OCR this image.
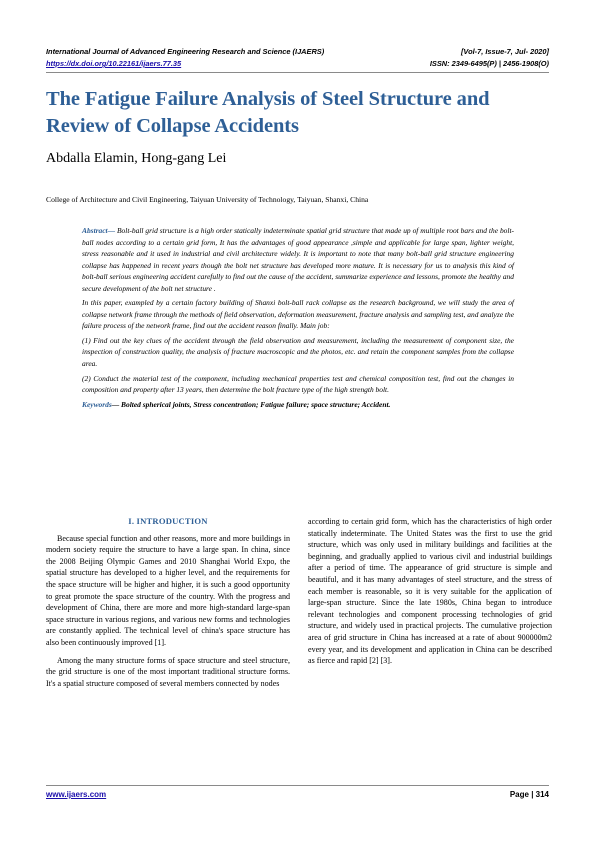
International Journal of Advanced Engineering Research and Science (IJAERS)	[Vol-7, Issue-7, Jul- 2020]
https://dx.doi.org/10.22161/ijaers.77.35	ISSN: 2349-6495(P) | 2456-1908(O)
The Fatigue Failure Analysis of Steel Structure and Review of Collapse Accidents
Abdalla Elamin, Hong-gang Lei
College of Architecture and Civil Engineering, Taiyuan University of Technology, Taiyuan, Shanxi, China

Abstract— Bolt-ball grid structure is a high order statically indeterminate spatial grid structure that made up of multiple root bars and the bolt-ball nodes according to a certain grid form, It has the advantages of good appearance ,simple and applicable for large span, lighter weight, stress reasonable and it used in industrial and civil architecture widely. It is important to note that many bolt-ball grid structure engineering collapse has happened in recent years though the bolt net structure has developed more mature. It is necessary for us to analysis this kind of bolt-ball serious engineering accident carefully to find out the cause of the accident, summarize experience and lessons, promote the healthy and secure development of the bolt net structure .

In this paper, exampled by a certain factory building of Shanxi bolt-ball rack collapse as the research background, we will study the area of collapse network frame through the methods of field observation, deformation measurement, fracture analysis and sampling test, and analyze the failure process of the network frame, find out the accident reason finally. Main job:

(1) Find out the key clues of the accident through the field observation and measurement, including the measurement of component size, the inspection of construction quality, the analysis of fracture macroscopic and the photos, etc. and retain the component samples from the collapse area.

(2) Conduct the material test of the component, including mechanical properties test and chemical composition test, find out the changes in composition and property after 13 years, then determine the bolt fracture type of the high strength bolt.

Keywords— Bolted spherical joints, Stress concentration; Fatigue failure; space structure; Accident.

I. INTRODUCTION

Because special function and other reasons, more and more buildings in modern society require the structure to have a large span. In china, since the 2008 Beijing Olympic Games and 2010 Shanghai World Expo, the spatial structure has developed to a higher level, and the requirements for the space structure will be higher and higher, it is such a good opportunity to great promote the space structure of the country. With the progress and development of China, there are more and more high-standard large-span space structure in various regions, and various new forms and technologies are constantly applied. The technical level of china's space structure has also been continuously improved [1].

Among the many structure forms of space structure and steel structure, the grid structure is one of the most important traditional structure forms. It's a spatial structure composed of several members connected by nodes

according to certain grid form, which has the characteristics of high order statically indeterminate. The United States was the first to use the grid structure, which was only used in military buildings and facilities at the beginning, and gradually applied to various civil and industrial buildings after a period of time. The appearance of grid structure is simple and beautiful, and it has many advantages of steel structure, and the stress of each member is reasonable, so it is very suitable for the application of large-span structure. Since the late 1980s, China began to introduce relevant technologies and component processing technologies of grid structure, and widely used in practical projects. The cumulative projection area of grid structure in China has increased at a rate of about 900000m2 every year, and its development and application in China can be described as fierce and rapid [2] [3].

www.ijaers.com	Page | 314
